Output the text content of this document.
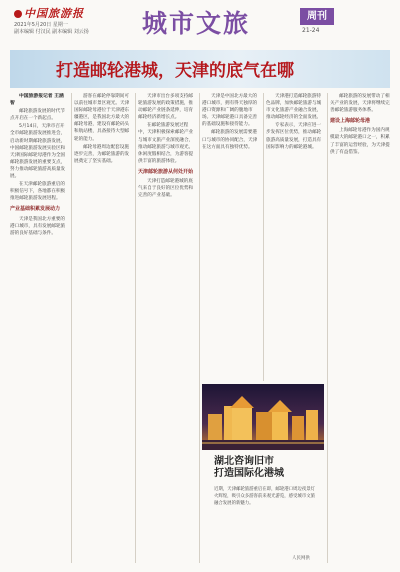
中国旅游报
2021年5月20日 星期一
副本编辑 付汉民 副本编辑 刘云扬 城市文旅	周刊
21-24
打造邮轮港城，天津的底气在哪

中国旅游报记者 王涵智

邮轮旅游发展的时代节点开启在一个新起点。

5月14日，天津市召开全市邮轮旅游发展推进会，启动新时期邮轮旅游发展，中国邮轮旅游发展实验区和天津国际邮轮母港作为全国邮轮旅游发展的重要支点，努力推动邮轮旅游高质量发展。

在天津邮轮旅游重启的积极信号下，各地都在积极推进邮轮旅游发展进程。

产业基础积累发展动力

天津是我国北方重要的港口城市，具有发展邮轮旅游的良好基础与条件。

游客在邮轮停靠期间可以前往城市景区观光。天津国际邮轮母港位于天津港东疆港区，是我国北方最大的邮轮母港，建设有邮轮码头和航站楼，具备接待大型邮轮的能力。

邮轮母港周边配套设施逐步完善，为邮轮旅游的发展奠定了坚实基础。

天津市出台多项支持邮轮旅游发展的政策措施，推动邮轮产业链条延伸，培育邮轮经济新增长点。

在邮轮旅游发展过程中，天津积极探索邮轮产业与城市文旅产业深度融合，推动邮轮旅游与城市观光、休闲度假相结合，为游客提供丰富的旅游体验。

天津邮轮旅游从何处开始

天津打造邮轮港城的底气来自于良好的区位优势和完善的产业基础。

天津是中国北方最大的港口城市，拥有得天独厚的港口资源和广阔的腹地市场。天津邮轮港口具备完善的基础设施和接待能力。

邮轮旅游的发展需要港口与城市的协同配合，天津在这方面具有独特优势。

天津港打造邮轮旅游特色品牌，加快邮轮旅游与城市文化旅游产业融合发展，推动邮轮经济的全面发展。

专家表示，天津应进一步发挥区位优势，推动邮轮旅游高质量发展，打造具有国际影响力的邮轮港城。

邮轮旅游的发展带动了相关产业的发展，天津将继续完善邮轮旅游服务体系。

建设上海邮轮母港

上海邮轮母港作为国内规模最大的邮轮港口之一，积累了丰富的运营经验，为天津提供了有益借鉴。

湖北咨询旧市
打造国际化港城
近期，天津邮轮旅游重启在即，邮轮港口周边夜景灯火辉煌，吸引众多游客前来观光游览，感受城市文旅融合发展的新魅力。
人民网供
